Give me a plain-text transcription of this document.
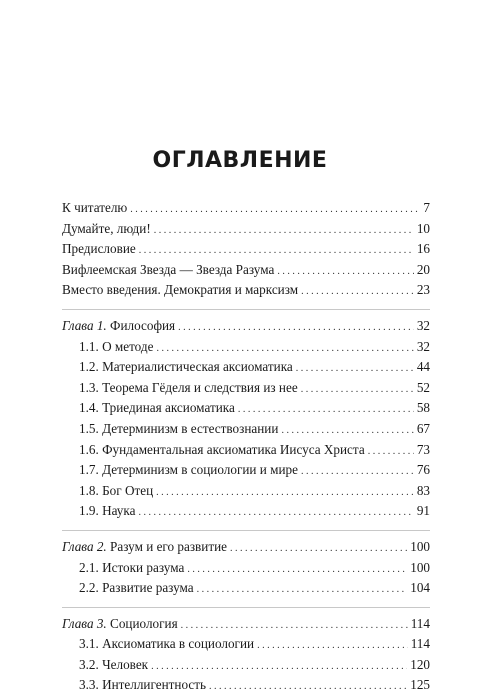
ОГЛАВЛЕНИЕ
К читателю . . .	7
Думайте, люди! . . .	10
Предисловие . . .	16
Вифлеемская Звезда — Звезда Разума . . .	20
Вместо введения. Демократия и марксизм . . .	23
Глава 1. Философия . . .	32
1.1. О методе . . .	32
1.2. Материалистическая аксиоматика . . .	44
1.3. Теорема Гёделя и следствия из нее . . .	52
1.4. Триединая аксиоматика . . .	58
1.5. Детерминизм в естествознании . . .	67
1.6. Фундаментальная аксиоматика Иисуса Христа . . .	73
1.7. Детерминизм в социологии и мире . . .	76
1.8. Бог Отец . . .	83
1.9. Наука . . .	91
Глава 2. Разум и его развитие . . .	100
2.1. Истоки разума . . .	100
2.2. Развитие разума . . .	104
Глава 3. Социология . . .	114
3.1. Аксиоматика в социологии . . .	114
3.2. Человек . . .	120
3.3. Интеллигентность . . .	125
